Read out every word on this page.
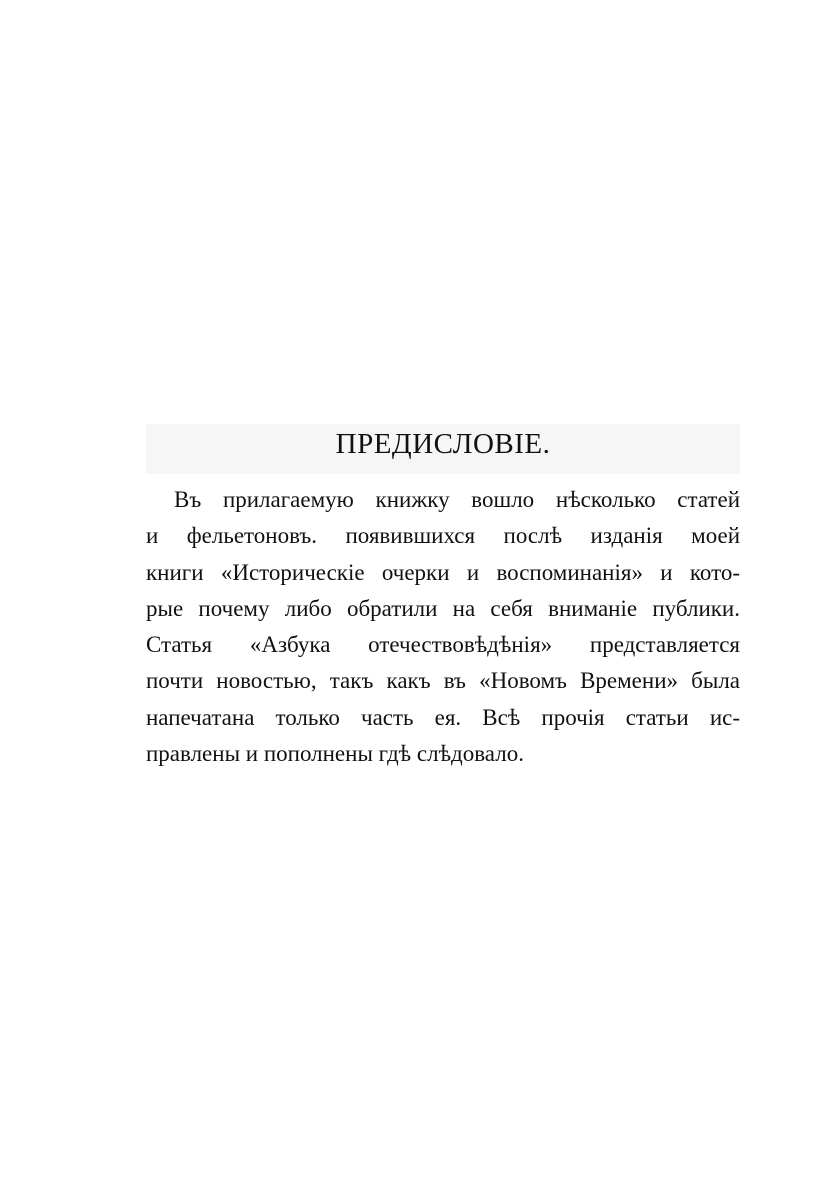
ПРЕДИСЛОВІЕ.
Въ прилагаемую книжку вошло нѣсколько статей
и фельетоновъ. появившихся послѣ изданія моей
книги «Историческіе очерки и воспоминанія» и кото-
рые почему либо обратили на себя вниманіе публики.
Статья «Азбука отечествовѣдѣнія» представляется
почти новостью, такъ какъ въ «Новомъ Времени» была
напечатана только часть ея. Всѣ прочія статьи ис-
правлены и пополнены гдѣ слѣдовало.
